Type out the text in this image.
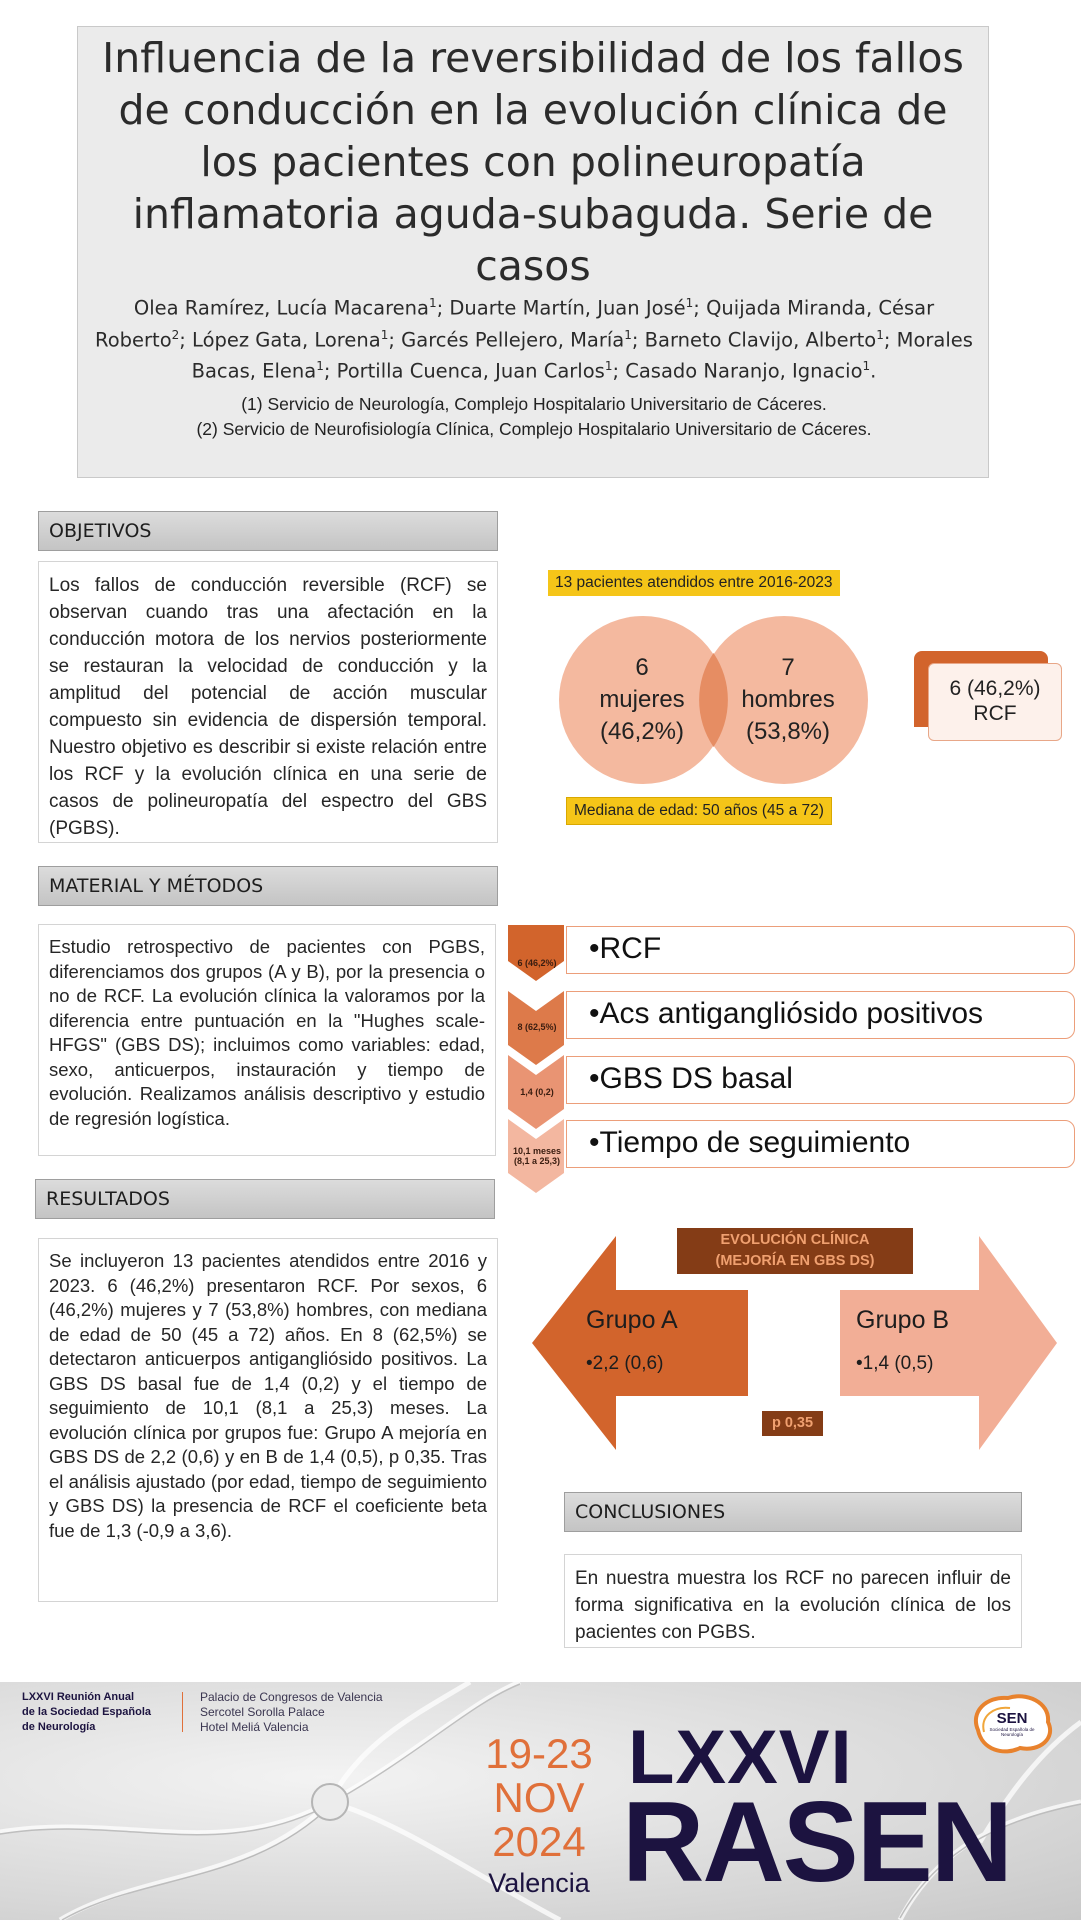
Influencia de la reversibilidad de los fallos de conducción en la evolución clínica de los pacientes con polineuropatía inflamatoria aguda-subaguda. Serie de casos
Olea Ramírez, Lucía Macarena$^1$; Duarte Martín, Juan José$^1$; Quijada Miranda, César Roberto$^2$; López Gata, Lorena$^1$; Garcés Pellejero, María$^1$; Barneto Clavijo, Alberto$^1$; Morales Bacas, Elena$^1$; Portilla Cuenca, Juan Carlos$^1$; Casado Naranjo, Ignacio$^1$.
(1) Servicio de Neurología, Complejo Hospitalario Universitario de Cáceres.
(2) Servicio de Neurofisiología Clínica, Complejo Hospitalario Universitario de Cáceres.
OBJETIVOS
Los fallos de conducción reversible (RCF) se observan cuando tras una afectación en la conducción motora de los nervios posteriormente se restauran la velocidad de conducción y la amplitud del potencial de acción muscular compuesto sin evidencia de dispersión temporal. Nuestro objetivo es describir si existe relación entre los RCF y la evolución clínica en una serie de casos de polineuropatía del espectro del GBS (PGBS).
MATERIAL Y MÉTODOS
Estudio retrospectivo de pacientes con PGBS, diferenciamos dos grupos (A y B), por la presencia o no de RCF. La evolución clínica la valoramos por la diferencia entre puntuación en la "Hughes scale-HFGS" (GBS DS); incluimos como variables: edad, sexo, anticuerpos, instauración y tiempo de evolución. Realizamos análisis descriptivo y estudio de regresión logística.
RESULTADOS
Se incluyeron 13 pacientes atendidos entre 2016 y 2023. 6 (46,2%) presentaron RCF. Por sexos, 6 (46,2%) mujeres y 7 (53,8%) hombres, con mediana de edad de 50 (45 a 72) años. En 8 (62,5%) se detectaron anticuerpos antigangliósido positivos. La GBS DS basal fue de 1,4 (0,2) y el tiempo de seguimiento de 10,1 (8,1 a 25,3) meses. La evolución clínica por grupos fue: Grupo A mejoría en GBS DS de 2,2 (0,6) y en B de 1,4 (0,5), p 0,35. Tras el análisis ajustado (por edad, tiempo de seguimiento y GBS DS) la presencia de RCF el coeficiente beta fue de 1,3 (-0,9 a 3,6).
13 pacientes atendidos entre 2016-2023
6
mujeres
(46,2%)
7
hombres
(53,8%)
6 (46,2%)
RCF
Mediana de edad: 50 años (45 a 72)
6 (46,2%)
8 (62,5%)
1,4 (0,2)
10,1 meses (8,1 a 25,3)
•RCF
•Acs antigangliósido positivos
•GBS DS basal
•Tiempo de seguimiento
EVOLUCIÓN CLÍNICA
(MEJORÍA EN GBS DS)
Grupo A
•2,2 (0,6)
Grupo B
•1,4 (0,5)
p 0,35
CONCLUSIONES
En nuestra muestra los RCF no parecen influir de forma significativa en la evolución clínica de los pacientes con PGBS.
LXXVI Reunión Anual
de la Sociedad Española
de Neurología
Palacio de Congresos de Valencia
Sercotel Sorolla Palace
Hotel Meliá Valencia
19-23
NOV
2024
Valencia
LXXVI
RASEN
SEN
Sociedad Española de Neurología
